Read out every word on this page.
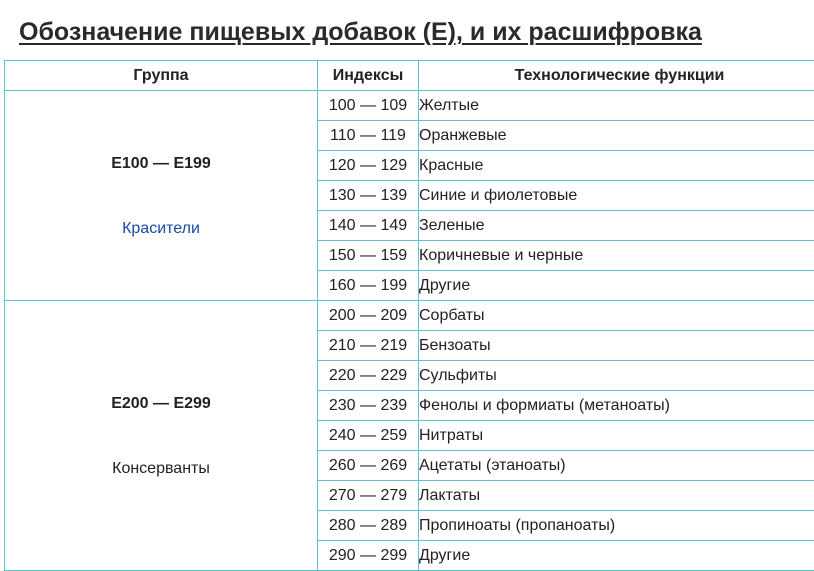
Обозначение пищевых добавок (Е), и их расшифровка
Группа	Индексы	Технологические функции

Е100 — Е199
Красители	100 — 109	Желтые
	110 — 119	Оранжевые
	120 — 129	Красные
	130 — 139	Синие и фиолетовые
	140 — 149	Зеленые
	150 — 159	Коричневые и черные
	160 — 199	Другие

Е200 — Е299
Консерванты	200 — 209	Сорбаты
	210 — 219	Бензоаты
	220 — 229	Сульфиты
	230 — 239	Фенолы и формиаты (метаноаты)
	240 — 259	Нитраты
	260 — 269	Ацетаты (этаноаты)
	270 — 279	Лактаты
	280 — 289	Пропиноаты (пропаноаты)
	290 — 299	Другие
